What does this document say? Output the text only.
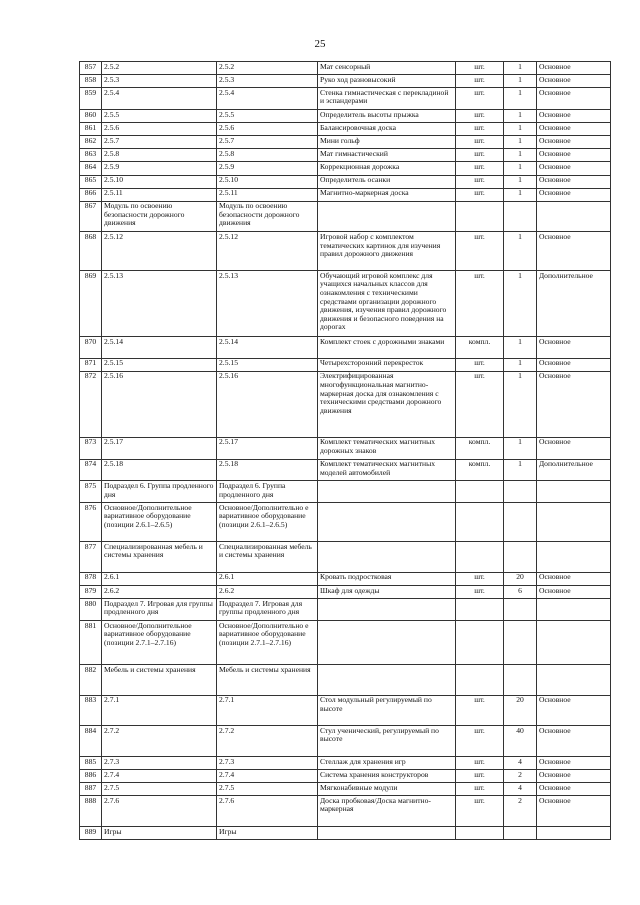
25
857	2.5.2	2.5.2	Мат сенсорный	шт.	1	Основное
858	2.5.3	2.5.3	Руко ход разновысокий	шт.	1	Основное
859	2.5.4	2.5.4	Стенка гимнастическая с перекладиной и эспандерами	шт.	1	Основное
860	2.5.5	2.5.5	Определитель высоты прыжка	шт.	1	Основное
861	2.5.6	2.5.6	Балансировочная доска	шт.	1	Основное
862	2.5.7	2.5.7	Мини гольф	шт.	1	Основное
863	2.5.8	2.5.8	Мат гимнастический	шт.	1	Основное
864	2.5.9	2.5.9	Коррекционная дорожка	шт.	1	Основное
865	2.5.10	2.5.10	Определитель осанки	шт.	1	Основное
866	2.5.11	2.5.11	Магнитно-маркерная доска	шт.	1	Основное
867	Модуль по освоению безопасности дорожного движения	Модуль по освоению безопасности дорожного движения				
868	2.5.12	2.5.12	Игровой набор с комплектом тематических картинок для изучения правил дорожного движения	шт.	1	Основное
869	2.5.13	2.5.13	Обучающий игровой комплекс для учащихся начальных классов для ознакомления с техническими средствами организации дорожного движения, изучения правил дорожного движения и безопасного поведения на дорогах	шт.	1	Дополнительное
870	2.5.14	2.5.14	Комплект стоек с дорожными знаками	компл.	1	Основное
871	2.5.15	2.5.15	Четырехсторонний перекресток	шт.	1	Основное
872	2.5.16	2.5.16	Электрифицированная многофункциональная магнитно-маркерная доска для ознакомления с техническими средствами дорожного движения	шт.	1	Основное
873	2.5.17	2.5.17	Комплект тематических магнитных дорожных знаков	компл.	1	Основное
874	2.5.18	2.5.18	Комплект тематических магнитных моделей автомобилей	компл.	1	Дополнительное
875	Подраздел 6. Группа продленного дня	Подраздел 6. Группа продленного дня				
876	Основное/Дополнительное вариативное оборудование (позиции 2.6.1–2.6.5)	Основное/Дополнительно е вариативное оборудование (позиции 2.6.1–2.6.5)				
877	Специализированная мебель и системы хранения	Специализированная мебель и системы хранения				
878	2.6.1	2.6.1	Кровать подростковая	шт.	20	Основное
879	2.6.2	2.6.2	Шкаф для одежды	шт.	6	Основное
880	Подраздел 7. Игровая для группы продленного дня	Подраздел 7. Игровая для группы продленного дня				
881	Основное/Дополнительное вариативное оборудование (позиции 2.7.1–2.7.16)	Основное/Дополнительно е вариативное оборудование (позиции 2.7.1–2.7.16)				
882	Мебель и системы хранения	Мебель и системы хранения				
883	2.7.1	2.7.1	Стол модульный регулируемый по высоте	шт.	20	Основное
884	2.7.2	2.7.2	Стул ученический, регулируемый по высоте	шт.	40	Основное
885	2.7.3	2.7.3	Стеллаж для хранения игр	шт.	4	Основное
886	2.7.4	2.7.4	Система хранения конструкторов	шт.	2	Основное
887	2.7.5	2.7.5	Мягконабивные модули	шт.	4	Основное
888	2.7.6	2.7.6	Доска пробковая/Доска магнитно-маркерная	шт.	2	Основное
889	Игры	Игры				
